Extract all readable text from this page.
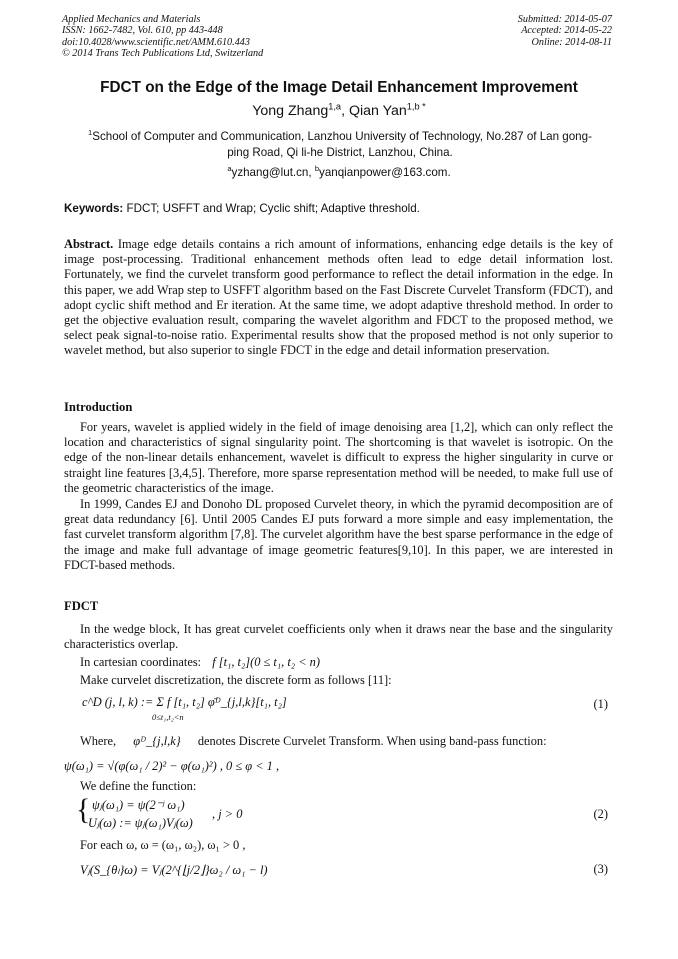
Applied Mechanics and Materials
ISSN: 1662-7482, Vol. 610, pp 443-448
doi:10.4028/www.scientific.net/AMM.610.443
© 2014 Trans Tech Publications Ltd, Switzerland
Submitted: 2014-05-07
Accepted: 2014-05-22
Online: 2014-08-11
FDCT on the Edge of the Image Detail Enhancement Improvement
Yong Zhang$^{1,a}$, Qian Yan$^{1,b *}$
$^1$School of Computer and Communication, Lanzhou University of Technology, No.287 of Lan gong-ping Road, Qi li-he District, Lanzhou, China.
$^a$yzhang@lut.cn, $^b$yanqianpower@163.com.
Keywords: FDCT; USFFT and Wrap; Cyclic shift; Adaptive threshold.
Abstract. Image edge details contains a rich amount of informations, enhancing edge details is the key of image post-processing. Traditional enhancement methods often lead to edge detail information lost. Fortunately, we find the curvelet transform good performance to reflect the detail information in the edge. In this paper, we add Wrap step to USFFT algorithm based on the Fast Discrete Curvelet Transform (FDCT), and adopt cyclic shift method and Er iteration. At the same time, we adopt adaptive threshold method. In order to get the objective evaluation result, comparing the wavelet algorithm and FDCT to the proposed method, we select peak signal-to-noise ratio. Experimental results show that the proposed method is not only superior to wavelet method, but also superior to single FDCT in the edge and detail information preservation.
Introduction
For years, wavelet is applied widely in the field of image denoising area [1,2], which can only reflect the location and characteristics of signal singularity point. The shortcoming is that wavelet is isotropic. On the edge of the non-linear details enhancement, wavelet is difficult to express the higher singularity in curve or straight line features [3,4,5]. Therefore, more sparse representation method will be needed, to make full use of the geometric characteristics of the image.
In 1999, Candes EJ and Donoho DL proposed Curvelet theory, in which the pyramid decomposition are of great data redundancy [6]. Until 2005 Candes EJ puts forward a more simple and easy implementation, the fast curvelet transform algorithm [7,8]. The curvelet algorithm have the best sparse performance in the edge of the image and make full advantage of image geometric features[9,10]. In this paper, we are interested in FDCT-based methods.
FDCT
In the wedge block, It has great curvelet coefficients only when it draws near the base and the singularity characteristics overlap.
In cartesian coordinates: f [t₁, t₂](0 ≤ t₁, t₂ < n)
Make curvelet discretization, the discrete form as follows [11]:
c^D (j, l, k) := Σ f [t₁, t₂] φ̄ᴰ_{j,l,k}[t₁, t₂]
0≤t₁,t₂<n
(1)
Where, φᴰ_{j,l,k} denotes Discrete Curvelet Transform. When using band-pass function:
ψ(ω₁) = √(φ(ω₁ / 2)² − φ(ω₁)²) , 0 ≤ φ < 1 ,
We define the function:
{ ψⱼ(ω₁) = ψ(2⁻ʲ ω₁)
Uⱼ(ω) := ψⱼ(ω₁)Vⱼ(ω)
, j > 0	(2)
For each ω, ω = (ω₁, ω₂), ω₁ > 0 ,
Vⱼ(S_{θₗ}ω) = Vⱼ(2^{⌊j/2⌋}ω₂ / ω₁ − l)	(3)
